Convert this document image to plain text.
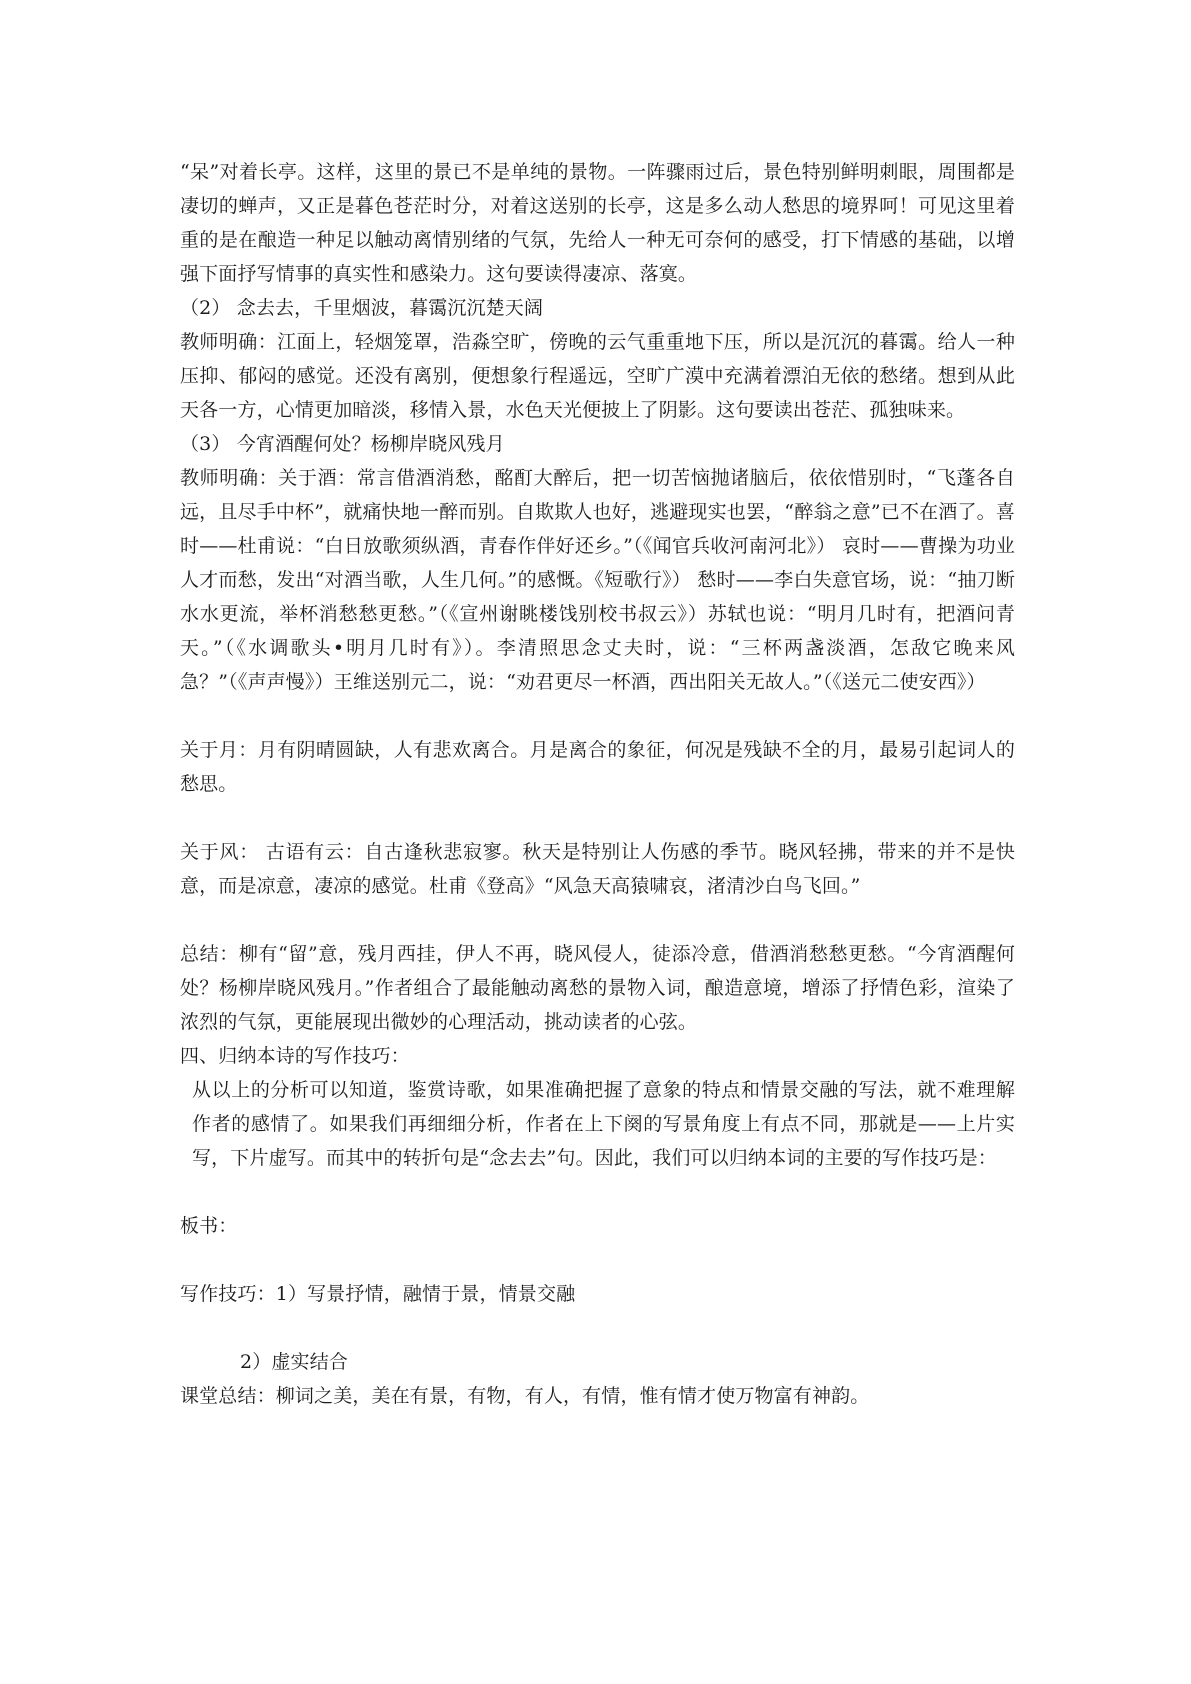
“呆”对着长亭。这样，这里的景已不是单纯的景物。一阵骤雨过后，景色特别鲜明刺眼，周围都是凄切的蝉声，又正是暮色苍茫时分，对着这送别的长亭，这是多么动人愁思的境界呵！可见这里着重的是在酿造一种足以触动离情别绪的气氛，先给人一种无可奈何的感受，打下情感的基础，以增强下面抒写情事的真实性和感染力。这句要读得凄凉、落寞。

（2） 念去去，千里烟波，暮霭沉沉楚天阔

教师明确：江面上，轻烟笼罩，浩淼空旷，傍晚的云气重重地下压，所以是沉沉的暮霭。给人一种压抑、郁闷的感觉。还没有离别，便想象行程遥远，空旷广漠中充满着漂泊无依的愁绪。想到从此天各一方，心情更加暗淡，移情入景，水色天光便披上了阴影。这句要读出苍茫、孤独味来。

（3） 今宵酒醒何处？杨柳岸晓风残月

教师明确：关于酒：常言借酒消愁，酩酊大醉后，把一切苦恼抛诸脑后，依依惜别时，“飞蓬各自远，且尽手中杯”，就痛快地一醉而别。自欺欺人也好，逃避现实也罢，“醉翁之意”已不在酒了。喜时——杜甫说：“白日放歌须纵酒，青春作伴好还乡。”（《闻官兵收河南河北》） 哀时——曹操为功业人才而愁，发出“对酒当歌，人生几何。”的感慨。《短歌行》） 愁时——李白失意官场，说：“抽刀断水水更流，举杯消愁愁更愁。”（《宣州谢眺楼饯别校书叔云》）苏轼也说：“明月几时有，把酒问青天。”（《水调歌头•明月几时有》）。李清照思念丈夫时，说：“三杯两盏淡酒，怎敌它晚来风急？”（《声声慢》）王维送别元二，说：“劝君更尽一杯酒，西出阳关无故人。”（《送元二使安西》）

关于月：月有阴晴圆缺，人有悲欢离合。月是离合的象征，何况是残缺不全的月，最易引起词人的愁思。

关于风： 古语有云：自古逢秋悲寂寥。秋天是特别让人伤感的季节。晓风轻拂，带来的并不是快意，而是凉意，凄凉的感觉。杜甫《登高》“风急天高猿啸哀，渚清沙白鸟飞回。”

总结：柳有“留”意，残月西挂，伊人不再，晓风侵人，徒添冷意，借酒消愁愁更愁。“今宵酒醒何处？杨柳岸晓风残月。”作者组合了最能触动离愁的景物入词，酿造意境，增添了抒情色彩，渲染了浓烈的气氛，更能展现出微妙的心理活动，挑动读者的心弦。

四、归纳本诗的写作技巧：

从以上的分析可以知道，鉴赏诗歌，如果准确把握了意象的特点和情景交融的写法，就不难理解作者的感情了。如果我们再细细分析，作者在上下阕的写景角度上有点不同，那就是——上片实写，下片虚写。而其中的转折句是“念去去”句。因此，我们可以归纳本词的主要的写作技巧是：

板书：

写作技巧：1）写景抒情，融情于景，情景交融

2）虚实结合

课堂总结：柳词之美，美在有景，有物，有人，有情，惟有情才使万物富有神韵。
